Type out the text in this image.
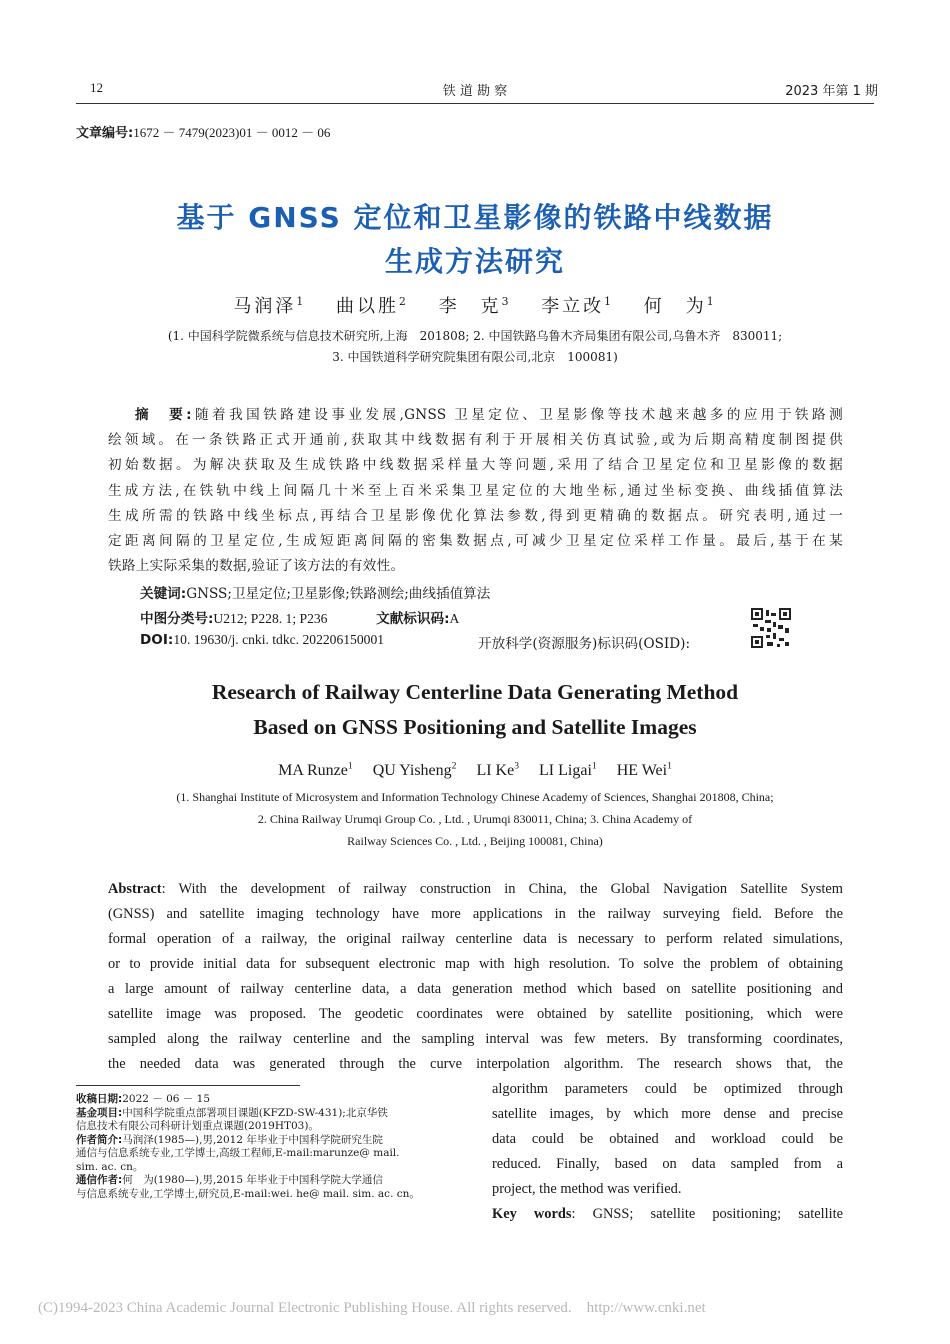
12	铁 道 勘 察	2023 年第 1 期
文章编号:1672 － 7479(2023)01 － 0012 － 06
基于 GNSS 定位和卫星影像的铁路中线数据
生成方法研究
马润泽$^1$　 曲以胜$^2$　 李　克$^3$　 李立改$^1$　 何　为$^1$
(1. 中国科学院微系统与信息技术研究所,上海　201808; 2. 中国铁路乌鲁木齐局集团有限公司,乌鲁木齐　830011;
3. 中国铁道科学研究院集团有限公司,北京　100081)
摘　要:随着我国铁路建设事业发展,GNSS 卫星定位、卫星影像等技术越来越多的应用于铁路测
绘领域。在一条铁路正式开通前,获取其中线数据有利于开展相关仿真试验,或为后期高精度制图提供
初始数据。为解决获取及生成铁路中线数据采样量大等问题,采用了结合卫星定位和卫星影像的数据
生成方法,在铁轨中线上间隔几十米至上百米采集卫星定位的大地坐标,通过坐标变换、曲线插值算法
生成所需的铁路中线坐标点,再结合卫星影像优化算法参数,得到更精确的数据点。研究表明,通过一
定距离间隔的卫星定位,生成短距离间隔的密集数据点,可减少卫星定位采样工作量。最后,基于在某
铁路上实际采集的数据,验证了该方法的有效性。
关键词:GNSS;卫星定位;卫星影像;铁路测绘;曲线插值算法
中图分类号:U212; P228. 1; P236	文献标识码:A
DOI:10. 19630/j. cnki. tdkc. 202206150001	开放科学(资源服务)标识码(OSID):
Research of Railway Centerline Data Generating Method
Based on GNSS Positioning and Satellite Images
MA Runze$^1$ QU Yisheng$^2$ LI Ke$^3$ LI Ligai$^1$ HE Wei$^1$
(1. Shanghai Institute of Microsystem and Information Technology Chinese Academy of Sciences, Shanghai 201808, China;
2. China Railway Urumqi Group Co. , Ltd. , Urumqi 830011, China; 3. China Academy of
Railway Sciences Co. , Ltd. , Beijing 100081, China)
Abstract: With the development of railway construction in China, the Global Navigation Satellite System
(GNSS) and satellite imaging technology have more applications in the railway surveying field. Before the
formal operation of a railway, the original railway centerline data is necessary to perform related simulations,
or to provide initial data for subsequent electronic map with high resolution. To solve the problem of obtaining
a large amount of railway centerline data, a data generation method which based on satellite positioning and
satellite image was proposed. The geodetic coordinates were obtained by satellite positioning, which were
sampled along the railway centerline and the sampling interval was few meters. By transforming coordinates,
the needed data was generated through the curve interpolation algorithm. The research shows that, the
algorithm parameters could be optimized through
satellite images, by which more dense and precise
data could be obtained and workload could be
reduced. Finally, based on data sampled from a
project, the method was verified.
Key words: GNSS; satellite positioning; satellite
收稿日期:2022 － 06 － 15
基金项目:中国科学院重点部署项目课题(KFZD-SW-431);北京华铁
信息技术有限公司科研计划重点课题(2019HT03)。
作者简介:马润泽(1985—),男,2012 年毕业于中国科学院研究生院
通信与信息系统专业,工学博士,高级工程师,E-mail:marunze@ mail.
sim. ac. cn。
通信作者:何　为(1980—),男,2015 年毕业于中国科学院大学通信
与信息系统专业,工学博士,研究员,E-mail:wei. he@ mail. sim. ac. cn。
(C)1994-2023 China Academic Journal Electronic Publishing House. All rights reserved.　http://www.cnki.net
